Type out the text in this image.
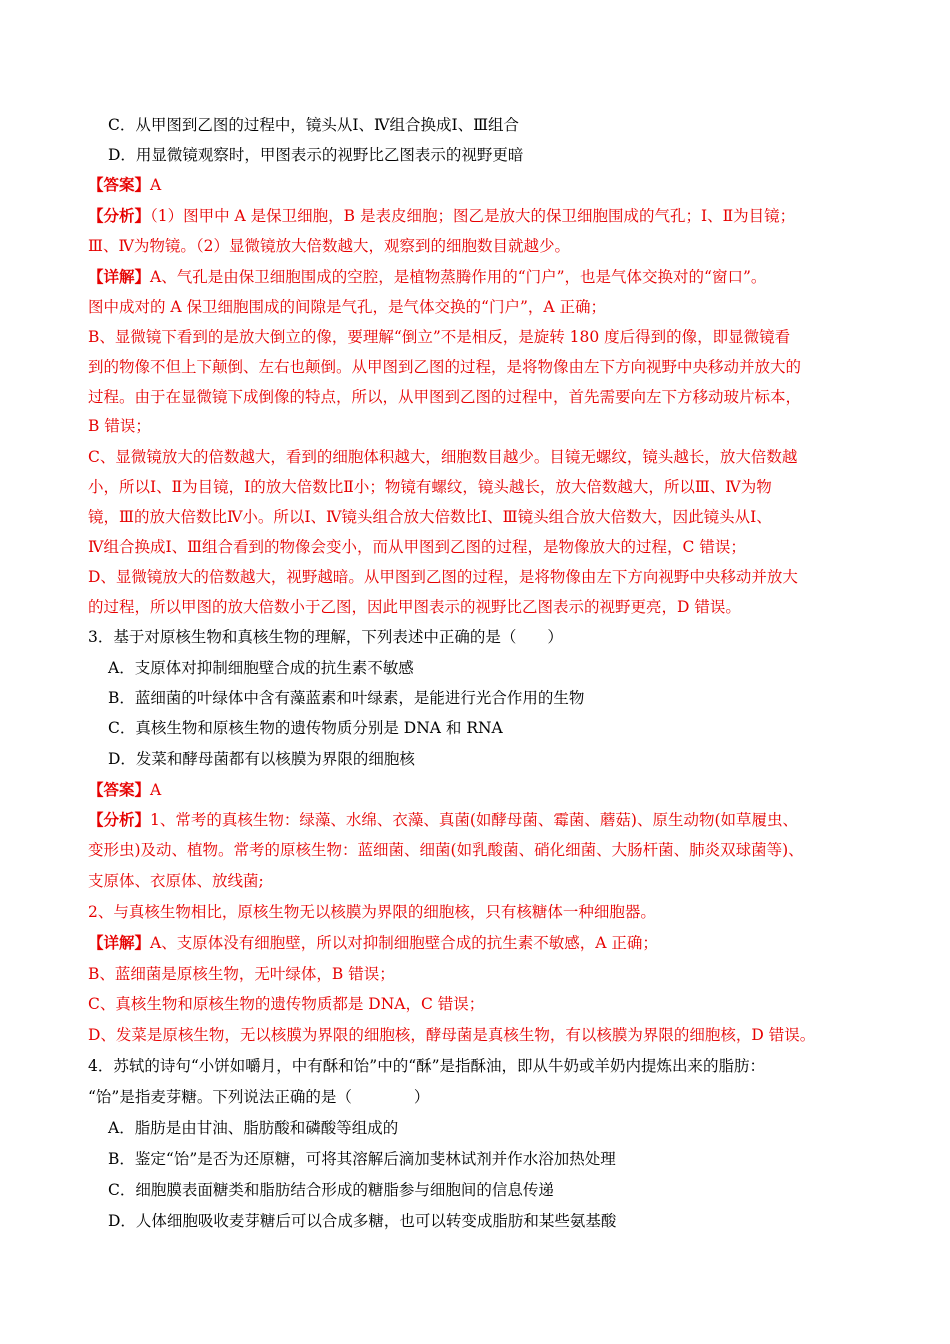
C．从甲图到乙图的过程中，镜头从Ⅰ、Ⅳ组合换成Ⅰ、Ⅲ组合
D．用显微镜观察时，甲图表示的视野比乙图表示的视野更暗
【答案】A
【分析】（1）图甲中 A 是保卫细胞，B 是表皮细胞；图乙是放大的保卫细胞围成的气孔；Ⅰ、Ⅱ为目镜；
Ⅲ、Ⅳ为物镜。（2）显微镜放大倍数越大，观察到的细胞数目就越少。
【详解】A、气孔是由保卫细胞围成的空腔，是植物蒸腾作用的“门户”，也是气体交换对的“窗口”。
图中成对的 A 保卫细胞围成的间隙是气孔，是气体交换的“门户”，A 正确；
B、显微镜下看到的是放大倒立的像，要理解“倒立”不是相反，是旋转 180 度后得到的像，即显微镜看
到的物像不但上下颠倒、左右也颠倒。从甲图到乙图的过程，是将物像由左下方向视野中央移动并放大的
过程。由于在显微镜下成倒像的特点，所以，从甲图到乙图的过程中，首先需要向左下方移动玻片标本，
B 错误；
C、显微镜放大的倍数越大，看到的细胞体积越大，细胞数目越少。目镜无螺纹，镜头越长，放大倍数越
小，所以Ⅰ、Ⅱ为目镜，Ⅰ的放大倍数比Ⅱ小；物镜有螺纹，镜头越长，放大倍数越大，所以Ⅲ、Ⅳ为物
镜，Ⅲ的放大倍数比Ⅳ小。所以Ⅰ、Ⅳ镜头组合放大倍数比Ⅰ、Ⅲ镜头组合放大倍数大，因此镜头从Ⅰ、
Ⅳ组合换成Ⅰ、Ⅲ组合看到的物像会变小，而从甲图到乙图的过程，是物像放大的过程，C 错误；
D、显微镜放大的倍数越大，视野越暗。从甲图到乙图的过程，是将物像由左下方向视野中央移动并放大
的过程，所以甲图的放大倍数小于乙图，因此甲图表示的视野比乙图表示的视野更亮，D 错误。
3．基于对原核生物和真核生物的理解，下列表述中正确的是（　　）
A．支原体对抑制细胞壁合成的抗生素不敏感
B．蓝细菌的叶绿体中含有藻蓝素和叶绿素，是能进行光合作用的生物
C．真核生物和原核生物的遗传物质分别是 DNA 和 RNA
D．发菜和酵母菌都有以核膜为界限的细胞核
【答案】A
【分析】1、常考的真核生物：绿藻、水绵、衣藻、真菌(如酵母菌、霉菌、蘑菇)、原生动物(如草履虫、
变形虫)及动、植物。常考的原核生物：蓝细菌、细菌(如乳酸菌、硝化细菌、大肠杆菌、肺炎双球菌等)、
支原体、衣原体、放线菌;
2、与真核生物相比，原核生物无以核膜为界限的细胞核，只有核糖体一种细胞器。
【详解】A、支原体没有细胞壁，所以对抑制细胞壁合成的抗生素不敏感，A 正确；
B、蓝细菌是原核生物，无叶绿体，B 错误；
C、真核生物和原核生物的遗传物质都是 DNA，C 错误；
D、发菜是原核生物，无以核膜为界限的细胞核，酵母菌是真核生物，有以核膜为界限的细胞核，D 错误。
4．苏轼的诗句“小饼如嚼月，中有酥和饴”中的“酥”是指酥油，即从牛奶或羊奶内提炼出来的脂肪：
“饴”是指麦芽糖。下列说法正确的是（　　　　）
A．脂肪是由甘油、脂肪酸和磷酸等组成的
B．鉴定“饴”是否为还原糖，可将其溶解后滴加斐林试剂并作水浴加热处理
C．细胞膜表面糖类和脂肪结合形成的糖脂参与细胞间的信息传递
D．人体细胞吸收麦芽糖后可以合成多糖，也可以转变成脂肪和某些氨基酸
